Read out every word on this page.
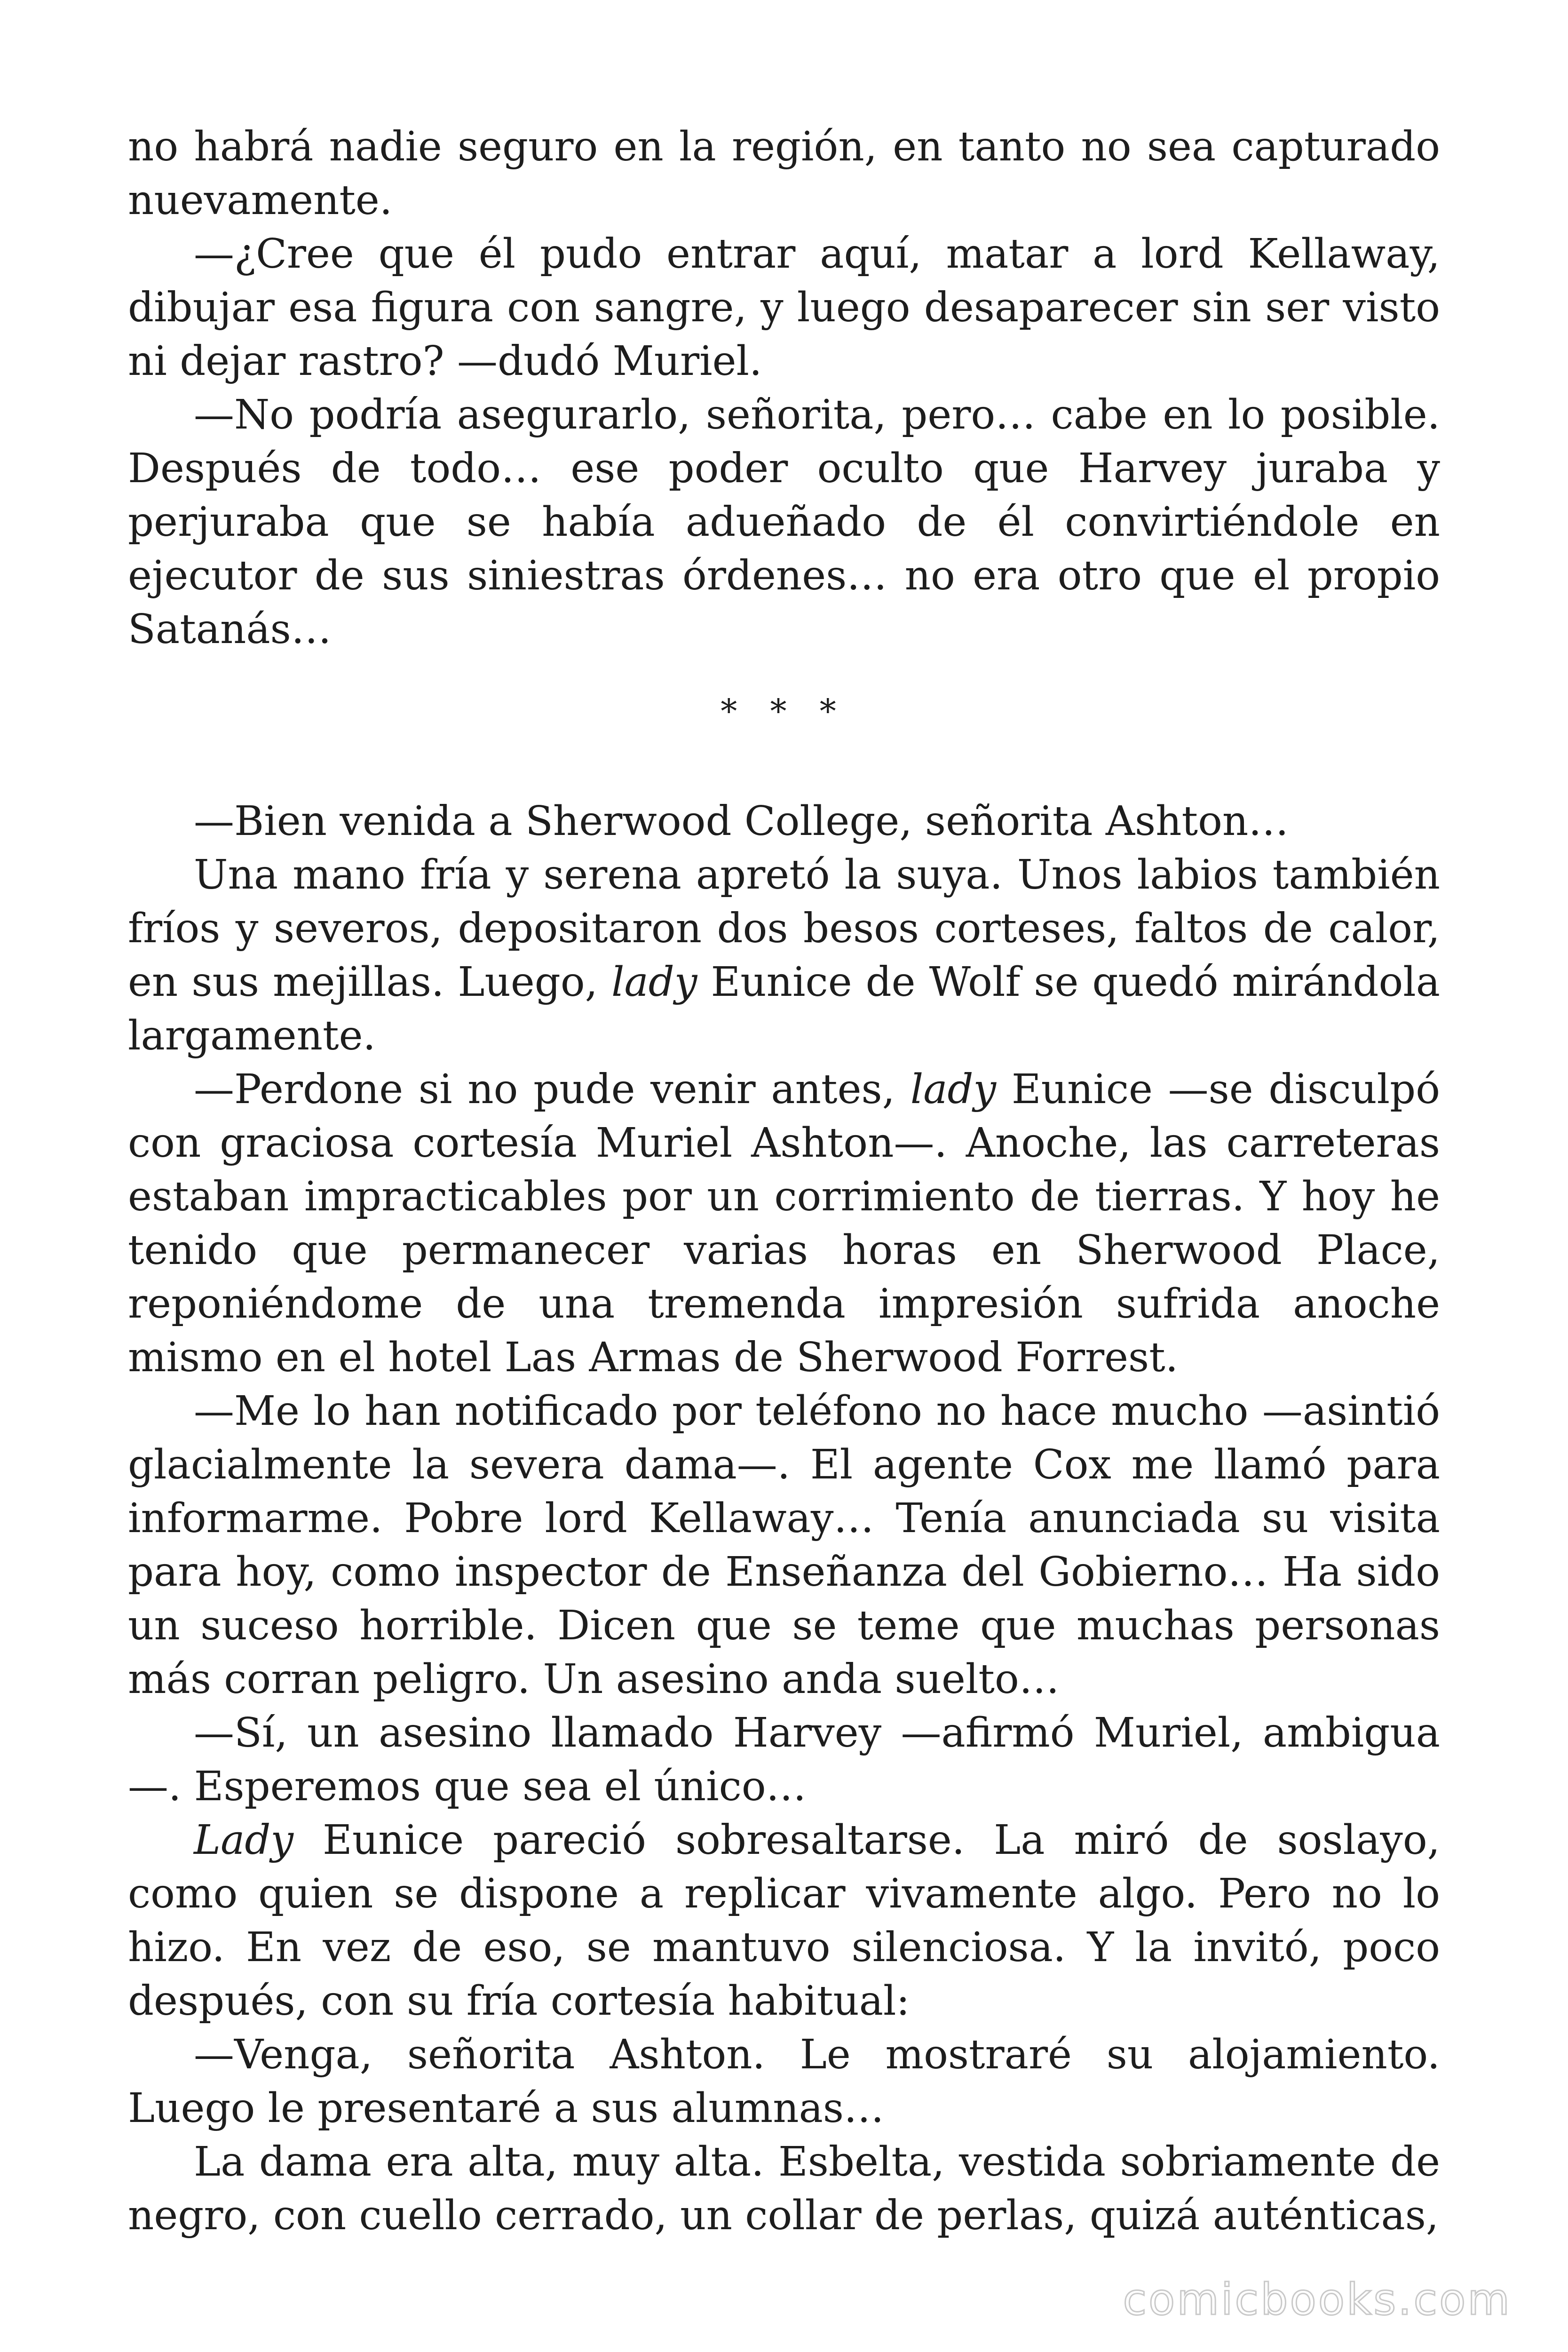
no habrá nadie seguro en la región, en tanto no sea capturado nuevamente.

—¿Cree que él pudo entrar aquí, matar a lord Kellaway, dibujar esa figura con sangre, y luego desaparecer sin ser visto ni dejar rastro? —dudó Muriel.

—No podría asegurarlo, señorita, pero… cabe en lo posible. Después de todo… ese poder oculto que Harvey juraba y perjuraba que se había adueñado de él convirtiéndole en ejecutor de sus siniestras órdenes… no era otro que el propio Satanás…

* * *

—Bien venida a Sherwood College, señorita Ashton…

Una mano fría y serena apretó la suya. Unos labios también fríos y severos, depositaron dos besos corteses, faltos de calor, en sus mejillas. Luego, lady Eunice de Wolf se quedó mirándola largamente.

—Perdone si no pude venir antes, lady Eunice —se disculpó con graciosa cortesía Muriel Ashton—. Anoche, las carreteras estaban impracticables por un corrimiento de tierras. Y hoy he tenido que permanecer varias horas en Sherwood Place, reponiéndome de una tremenda impresión sufrida anoche mismo en el hotel Las Armas de Sherwood Forrest.

—Me lo han notificado por teléfono no hace mucho —asintió glacialmente la severa dama—. El agente Cox me llamó para informarme. Pobre lord Kellaway… Tenía anunciada su visita para hoy, como inspector de Enseñanza del Gobierno… Ha sido un suceso horrible. Dicen que se teme que muchas personas más corran peligro. Un asesino anda suelto…

—Sí, un asesino llamado Harvey —afirmó Muriel, ambigua—. Esperemos que sea el único…

Lady Eunice pareció sobresaltarse. La miró de soslayo, como quien se dispone a replicar vivamente algo. Pero no lo hizo. En vez de eso, se mantuvo silenciosa. Y la invitó, poco después, con su fría cortesía habitual:

—Venga, señorita Ashton. Le mostraré su alojamiento. Luego le presentaré a sus alumnas…

La dama era alta, muy alta. Esbelta, vestida sobriamente de negro, con cuello cerrado, un collar de perlas, quizá auténticas,

comicbooks.com
